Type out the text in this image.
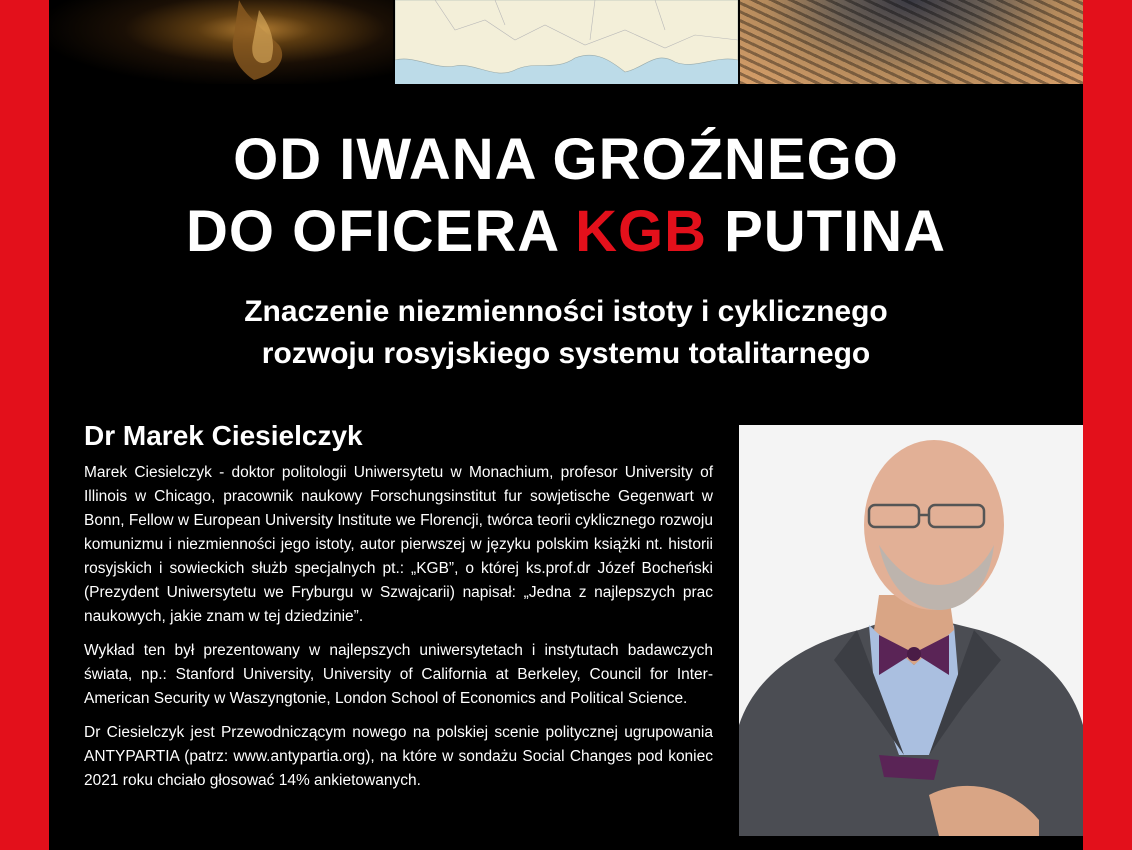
OD IWANA GROŹNEGO
DO OFICERA KGB PUTINA
Znaczenie niezmienności istoty i cyklicznego
rozwoju rosyjskiego systemu totalitarnego
Dr Marek Ciesielczyk

Marek Ciesielczyk - doktor politologii Uniwersytetu w Monachium, profesor University of Illinois w Chicago, pracownik naukowy Forschungsinstitut fur sowjetische Gegenwart w Bonn, Fellow w European University Institute we Florencji, twórca teorii cyklicznego rozwoju komunizmu i niezmienności jego istoty, autor pierwszej w języku polskim książki nt. historii rosyjskich i sowieckich służb specjalnych pt.: „KGB”, o której ks.prof.dr Józef Bocheński (Prezydent Uniwersytetu we Fryburgu w Szwajcarii) napisał: „Jedna z najlepszych prac naukowych, jakie znam w tej dziedzinie”.

Wykład ten był prezentowany w najlepszych uniwersytetach i instytutach badawczych świata, np.: Stanford University, University of California at Berkeley, Council for Inter-American Security w Waszyngtonie, London School of Economics and Political Science.

Dr Ciesielczyk jest Przewodniczącym nowego na polskiej scenie politycznej ugrupowania ANTYPARTIA (patrz: www.antypartia.org), na które w sondażu Social Changes pod koniec 2021 roku chciało głosować 14% ankietowanych.
